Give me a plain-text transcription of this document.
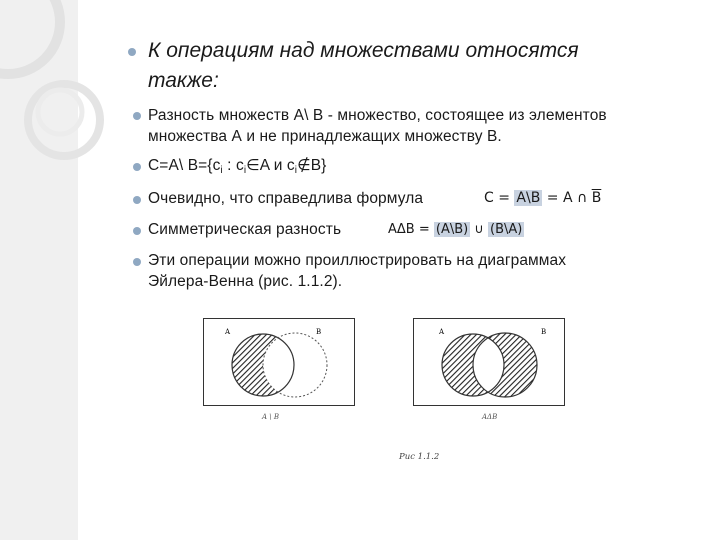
К операциям над множествами относятся
также:
Разность множеств A\ B - множество, состоящее из элементов
множества А и не принадлежащих множеству В.
C=A\ $B=\{c_i$ : $c_i\in A$ и $c_i\notin B$}
Очевидно, что справедлива формула	C = A\B = A ∩ $\overline{B}$
Симметрическая разность	AΔB = (A\B) ∪ (B\A)
Эти операции можно проиллюстрировать на диаграммах
Эйлера-Венна (рис. 1.1.2).
A	B
A \ B
A	B
AΔB
Рис 1.1.2
